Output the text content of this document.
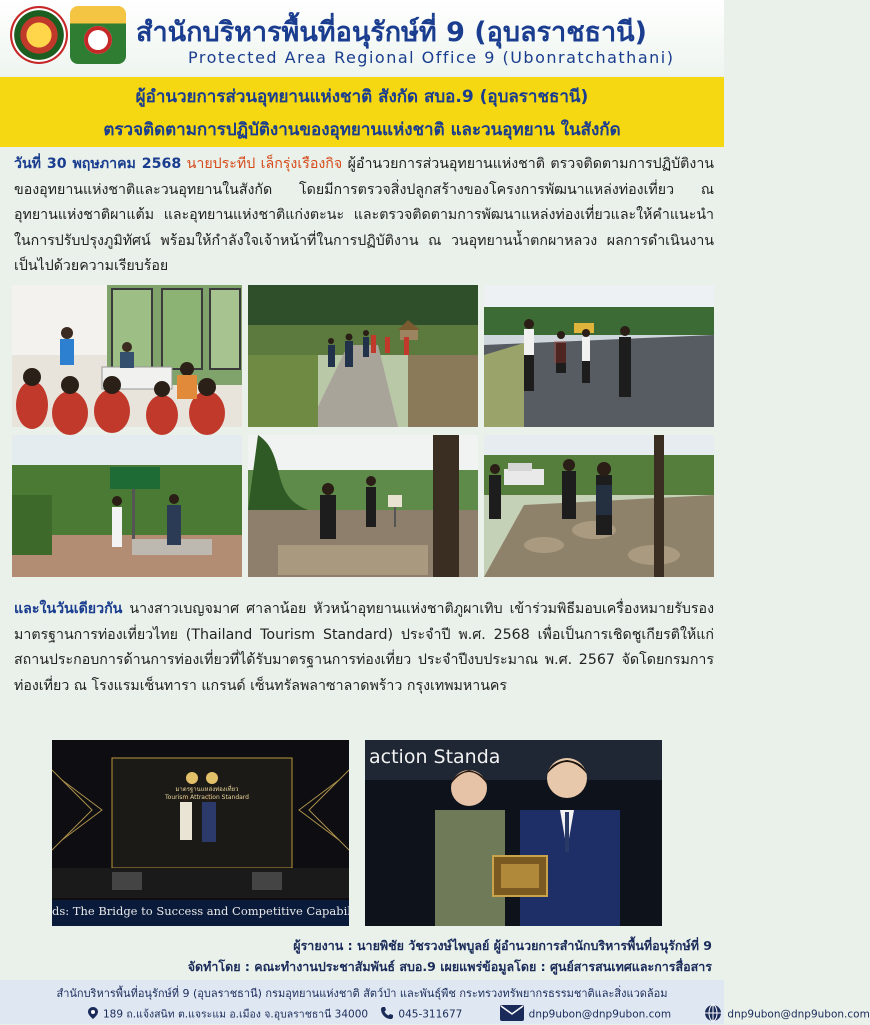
สำนักบริหารพื้นที่อนุรักษ์ที่ 9 (อุบลราชธานี)
Protected Area Regional Office 9 (Ubonratchathani)
ผู้อำนวยการส่วนอุทยานแห่งชาติ สังกัด สบอ.9 (อุบลราชธานี)
ตรวจติดตามการปฏิบัติงานของอุทยานแห่งชาติ และวนอุทยาน ในสังกัด
วันที่ 30 พฤษภาคม 2568 นายประทีป เล็กรุ่งเรืองกิจ ผู้อำนวยการส่วนอุทยานแห่งชาติ ตรวจติดตามการปฏิบัติงานของอุทยานแห่งชาติและวนอุทยานในสังกัด โดยมีการตรวจสิ่งปลูกสร้างของโครงการพัฒนาแหล่งท่องเที่ยว ณ อุทยานแห่งชาติผาแต้ม และอุทยานแห่งชาติแก่งตะนะ และตรวจติดตามการพัฒนาแหล่งท่องเที่ยวและให้คำแนะนำในการปรับปรุงภูมิทัศน์ พร้อมให้กำลังใจเจ้าหน้าที่ในการปฏิบัติงาน ณ วนอุทยานน้ำตกผาหลวง ผลการดำเนินงานเป็นไปด้วยความเรียบร้อย
และในวันเดียวกัน นางสาวเบญจมาศ ศาลาน้อย หัวหน้าอุทยานแห่งชาติภูผาเทิบ เข้าร่วมพิธีมอบเครื่องหมายรับรองมาตรฐานการท่องเที่ยวไทย (Thailand Tourism Standard) ประจำปี พ.ศ. 2568 เพื่อเป็นการเชิดชูเกียรติให้แก่สถานประกอบการด้านการท่องเที่ยวที่ได้รับมาตรฐานการท่องเที่ยว ประจำปีงบประมาณ พ.ศ. 2567 จัดโดยกรมการท่องเที่ยว ณ โรงแรมเซ็นทารา แกรนด์ เซ็นทรัลพลาซาลาดพร้าว กรุงเทพมหานคร
มาตรฐานแหล่งท่องเที่ยว
Tourism Attraction Standard
ds: The Bridge to Success and Competitive Capabil
action Standa
ผู้รายงาน : นายพิชัย วัชรวงษ์ไพบูลย์ ผู้อำนวยการสำนักบริหารพื้นที่อนุรักษ์ที่ 9
จัดทำโดย : คณะทำงานประชาสัมพันธ์ สบอ.9 เผยแพร่ข้อมูลโดย : ศูนย์สารสนเทศและการสื่อสาร
สำนักบริหารพื้นที่อนุรักษ์ที่ 9 (อุบลราชธานี) กรมอุทยานแห่งชาติ สัตว์ป่า และพันธุ์พืช กระทรวงทรัพยากรธรรมชาติและสิ่งแวดล้อม
189 ถ.แจ้งสนิท ต.แจระแม อ.เมือง จ.อุบลราชธานี 34000	045-311677	dnp9ubon@dnp9ubon.com	dnp9ubon@dnp9ubon.com
